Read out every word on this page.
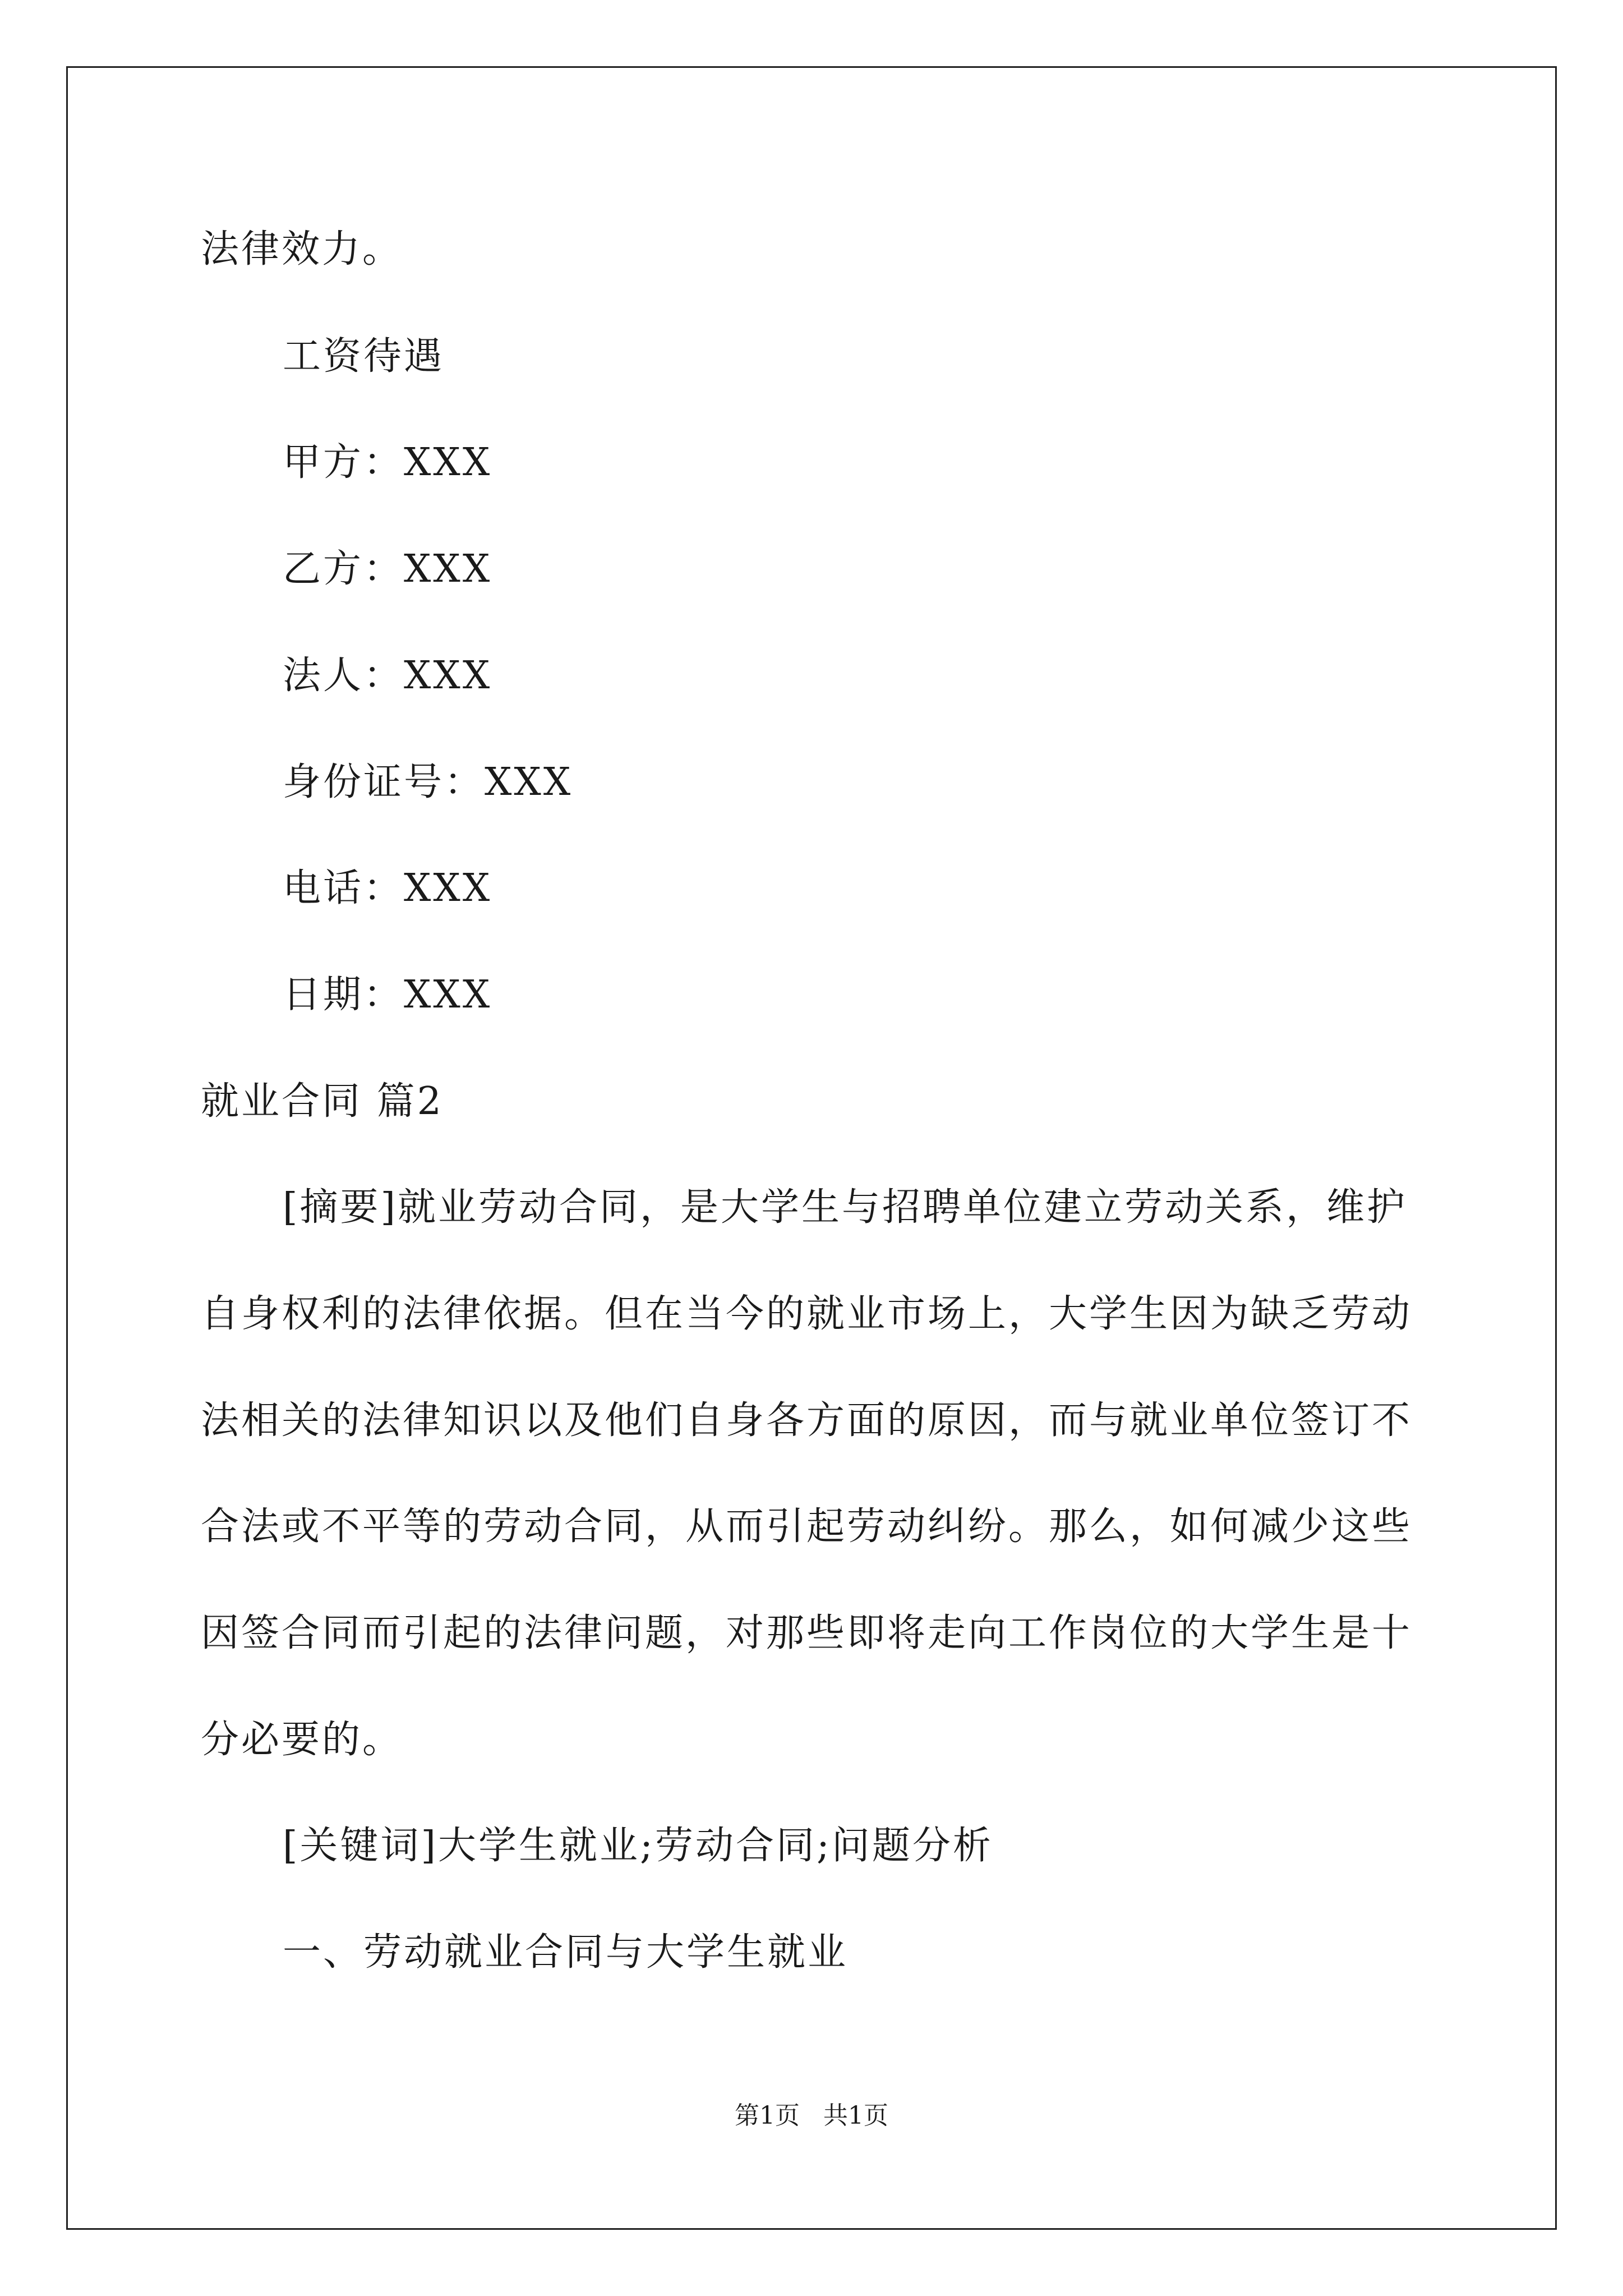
法律效力。
工资待遇
甲方：XXX
乙方：XXX
法人：XXX
身份证号：XXX
电话：XXX
日期：XXX
就业合同 篇2
[摘要]就业劳动合同，是大学生与招聘单位建立劳动关系，维护
自身权利的法律依据。但在当今的就业市场上，大学生因为缺乏劳动
法相关的法律知识以及他们自身各方面的原因，而与就业单位签订不
合法或不平等的劳动合同，从而引起劳动纠纷。那么，如何减少这些
因签合同而引起的法律问题，对那些即将走向工作岗位的大学生是十
分必要的。
[关键词]大学生就业;劳动合同;问题分析
一、劳动就业合同与大学生就业
第1页   共1页
